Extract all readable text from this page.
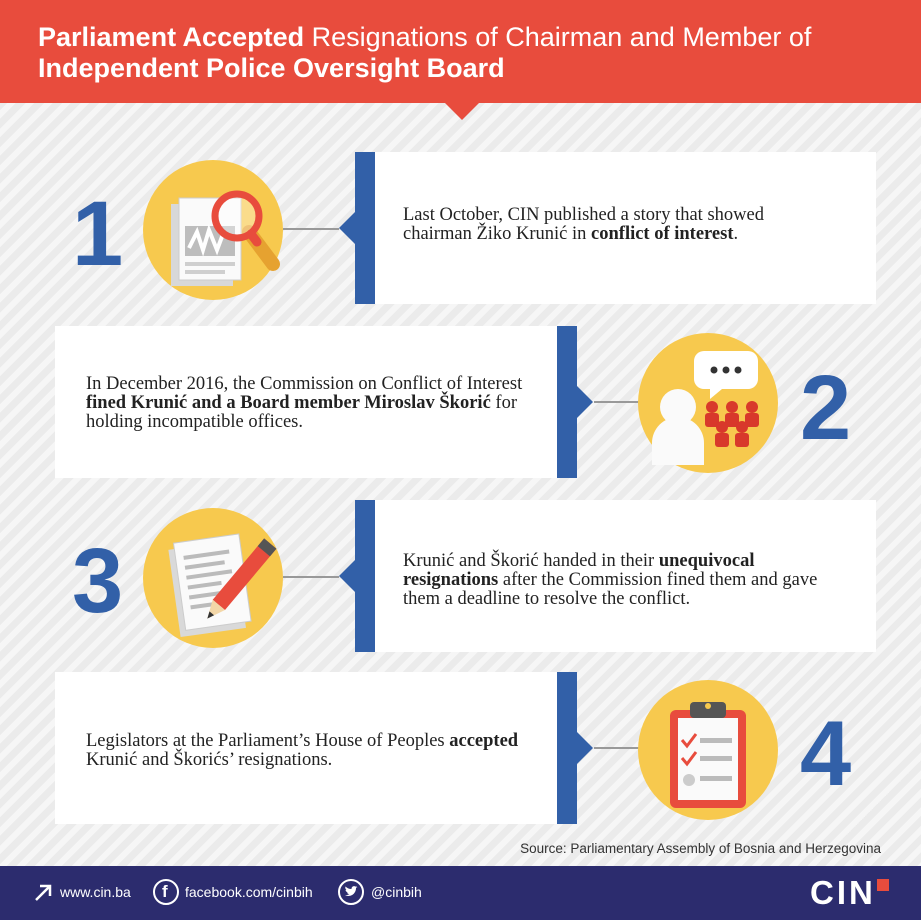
Parliament Accepted Resignations of Chairman and Member of
Independent Police Oversight Board
1	Last October, CIN published a story that showed chairman Žiko Krunić in conflict of interest.
In December 2016, the Commission on Conflict of Interest fined Krunić and a Board member Miroslav Škorić for holding incompatible offices.	2
3	Krunić and Škorić handed in their unequivocal resignations after the Commission fined them and gave them a deadline to resolve the conflict.
Legislators at the Parliament’s House of Peoples accepted Krunić and Škorićs’ resignations.	4
Source: Parliamentary Assembly of Bosnia and Herzegovina
www.cin.ba f facebook.com/cinbih	@cinbih	CIN
